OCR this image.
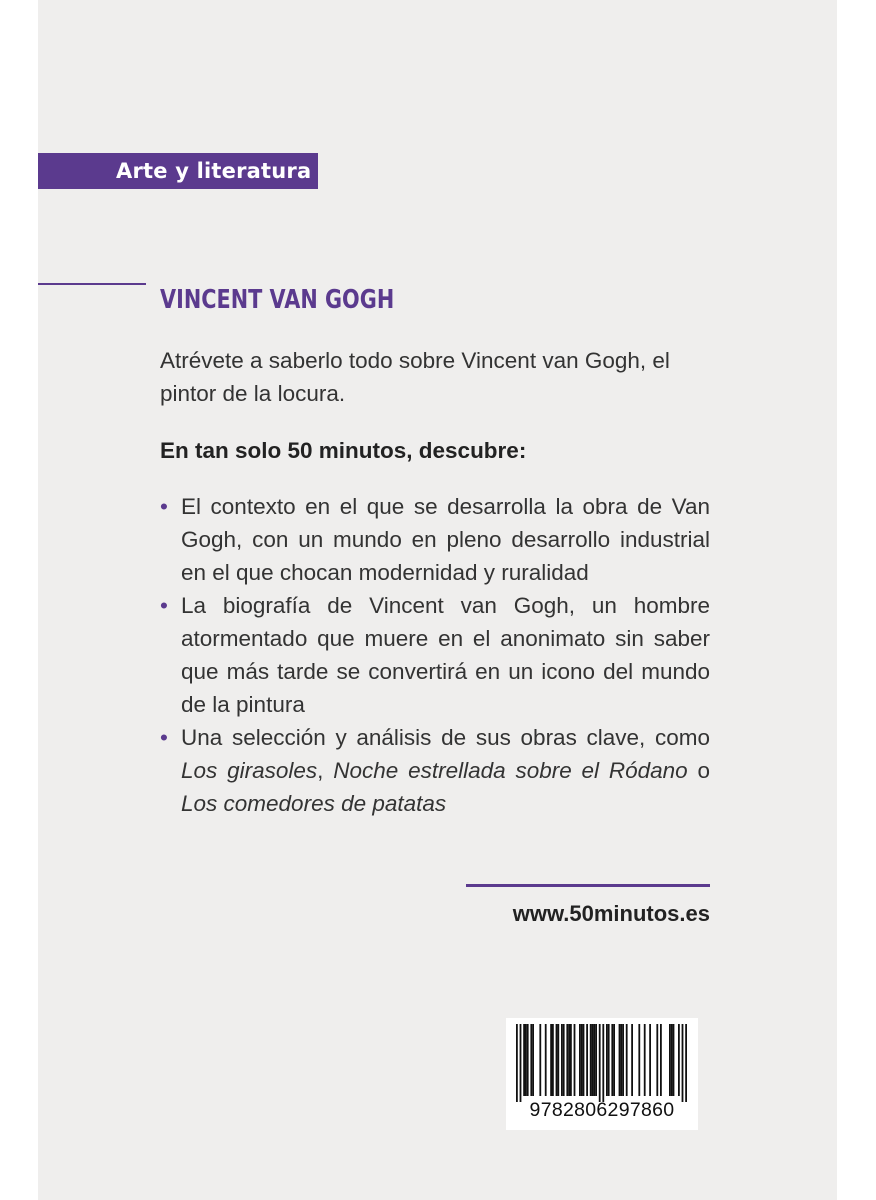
Arte y literatura
VINCENT VAN GOGH
Atrévete a saberlo todo sobre Vincent van Gogh, el pintor de la locura.
En tan solo 50 minutos, descubre:
• El contexto en el que se desarrolla la obra de Van Gogh, con un mundo en pleno desarrollo industrial en el que chocan modernidad y ruralidad
• La biografía de Vincent van Gogh, un hombre atormentado que muere en el anonimato sin saber que más tarde se convertirá en un icono del mundo de la pintura
• Una selección y análisis de sus obras clave, como Los girasoles, Noche estrellada sobre el Ródano o Los comedores de patatas
www.50minutos.es
9782806297860
